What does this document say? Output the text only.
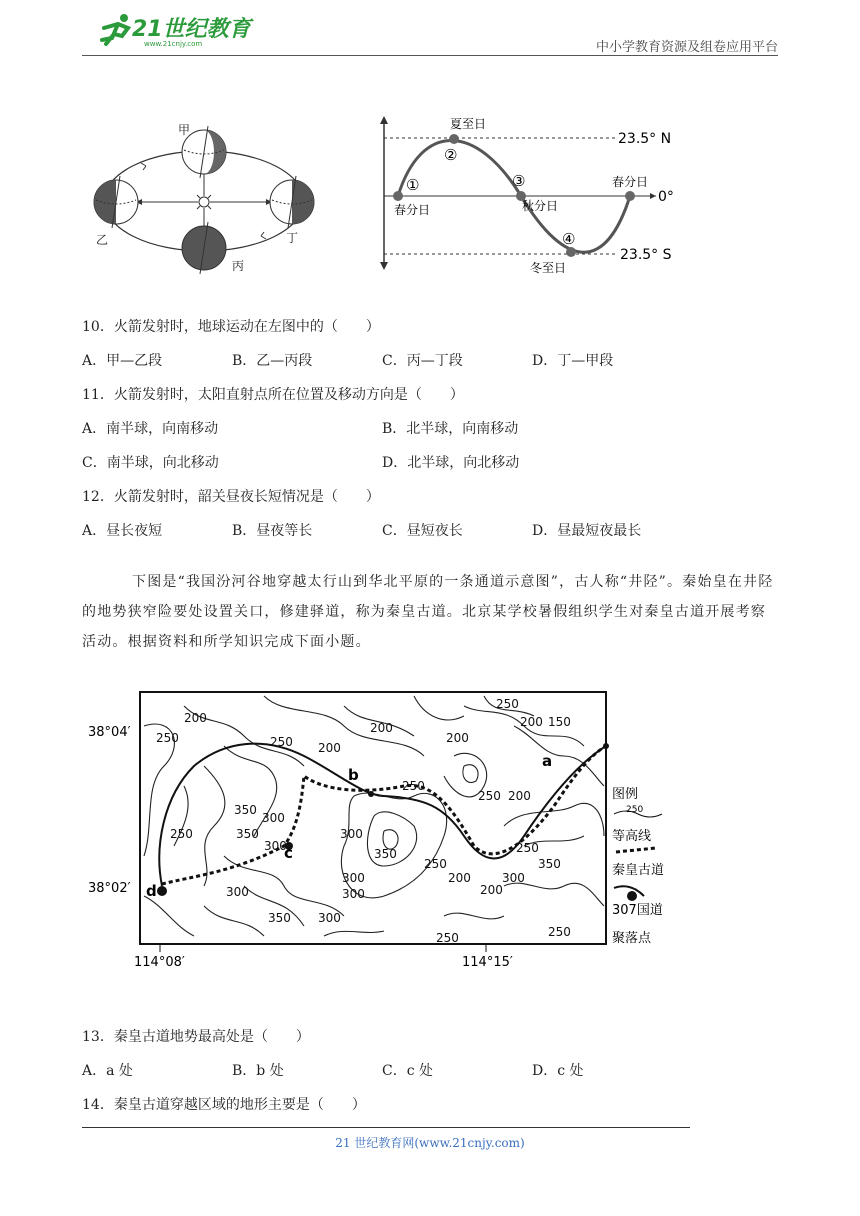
21世纪教育
www.21cnjy.com	中小学教育资源及组卷应用平台
甲
乙
丙
丁
①
②
③
④
夏至日
冬至日
春分日	秋分日
春分日
23.5° N
23.5° S
0°
10．火箭发射时，地球运动在左图中的（　　）
A．甲—乙段	B．乙—丙段	C．丙—丁段	D．丁—甲段
11．火箭发射时，太阳直射点所在位置及移动方向是（　　）
A．南半球，向南移动	B．北半球，向南移动
C．南半球，向北移动	D．北半球，向北移动
12．火箭发射时，韶关昼夜长短情况是（　　）
A．昼长夜短	B．昼夜等长	C．昼短夜长	D．昼最短夜最长
下图是“我国汾河谷地穿越太行山到华北平原的一条通道示意图”，古人称“井陉”。秦始皇在井陉的地势狭窄险要处设置关口，修建驿道，称为秦皇古道。北京某学校暑假组织学生对秦皇古道开展考察活动。根据资料和所学知识完成下面小题。
d
c
b
a
200
250
200
250
200	150
250
200
200
250
250 200
350
300
250	350	300
300
350
300
250
250
200
200
350
300
300
300
350 300
250	250
38°04′
38°02′
114°08′	114°15′
图例
250
等高线
秦皇古道
307国道
聚落点
13．秦皇古道地势最高处是（　　）
A．a 处	B．b 处	C．c 处	D．c 处
14．秦皇古道穿越区域的地形主要是（　　）
21 世纪教育网(www.21cnjy.com)
